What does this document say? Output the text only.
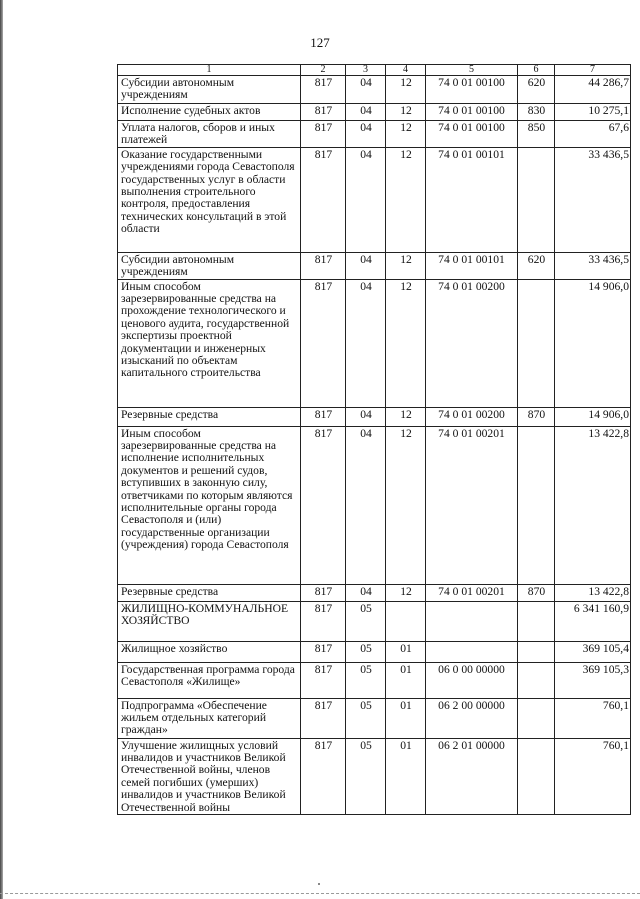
127
1	2	3	4	5	6	7
Субсидии автономным учреждениям	817	04	12	74 0 01 00100	620	44 286,7
Исполнение судебных актов	817	04	12	74 0 01 00100	830	10 275,1
Уплата налогов, сборов и иных платежей	817	04	12	74 0 01 00100	850	67,6
Оказание государственными учреждениями города Севастополя государственных услуг в области выполнения строительного контроля, предоставления технических консультаций в этой области	817	04	12	74 0 01 00101		33 436,5
Субсидии автономным учреждениям	817	04	12	74 0 01 00101	620	33 436,5
Иным способом зарезервированные средства на прохождение технологического и ценового аудита, государственной экспертизы проектной документации и инженерных изысканий по объектам капитального строительства	817	04	12	74 0 01 00200		14 906,0
Резервные средства	817	04	12	74 0 01 00200	870	14 906,0
Иным способом зарезервированные средства на исполнение исполнительных документов и решений судов, вступивших в законную силу, ответчиками по которым являются исполнительные органы города Севастополя и (или) государственные организации (учреждения) города Севастополя	817	04	12	74 0 01 00201		13 422,8
Резервные средства	817	04	12	74 0 01 00201	870	13 422,8
ЖИЛИЩНО-КОММУНАЛЬНОЕ ХОЗЯЙСТВО	817	05				6 341 160,9
Жилищное хозяйство	817	05	01			369 105,4
Государственная программа города Севастополя «Жилище»	817	05	01	06 0 00 00000		369 105,3
Подпрограмма «Обеспечение жильем отдельных категорий граждан»	817	05	01	06 2 00 00000		760,1
Улучшение жилищных условий инвалидов и участников Великой Отечественной войны, членов семей погибших (умерших) инвалидов и участников Великой Отечественной войны	817	05	01	06 2 01 00000		760,1
